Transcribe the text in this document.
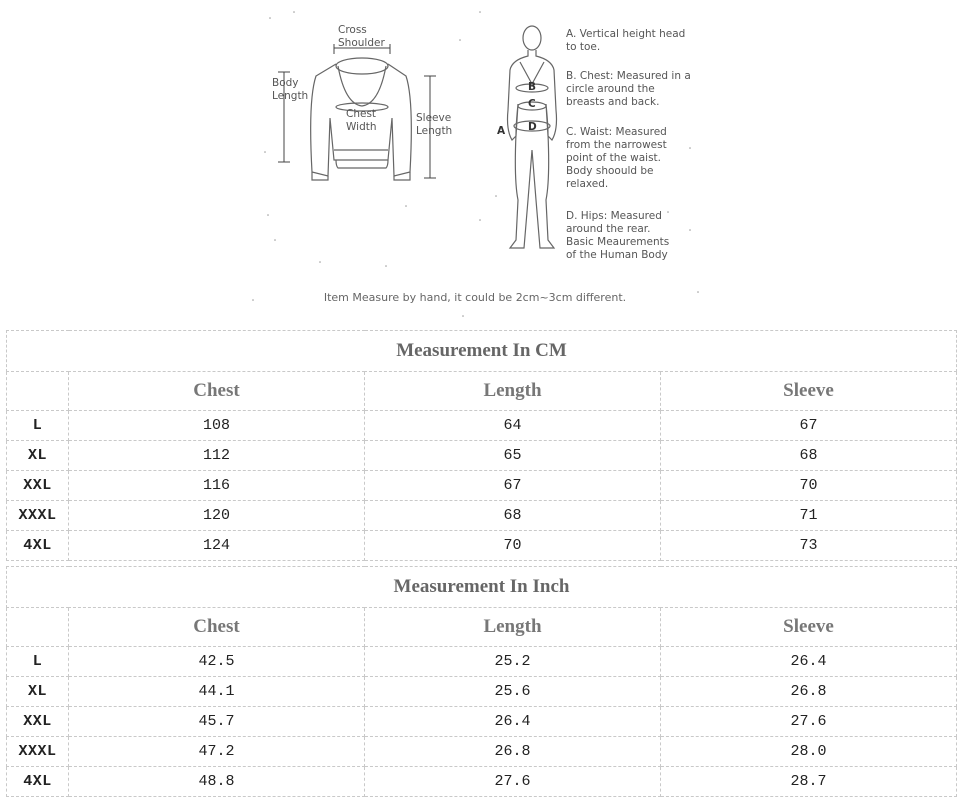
Cross
Shoulder
Body
Length
Chest
Width
Sleeve
Length
B
C
D
A
A. Vertical height head
to toe.
B. Chest: Measured in a
circle around the
breasts and back.
C. Waist: Measured
from the narrowest
point of the waist.
Body shoould be
relaxed.
D. Hips: Measured
around the rear.
Basic Meaurements
of the Human Body
Item Measure by hand, it could be 2cm~3cm different.
Measurement In CM			
	Chest	Length	Sleeve
L	108	64	67
XL	112	65	68
XXL	116	67	70
XXXL	120	68	71
4XL	124	70	73
Measurement In Inch			
	Chest	Length	Sleeve
L	42.5	25.2	26.4
XL	44.1	25.6	26.8
XXL	45.7	26.4	27.6
XXXL	47.2	26.8	28.0
4XL	48.8	27.6	28.7
